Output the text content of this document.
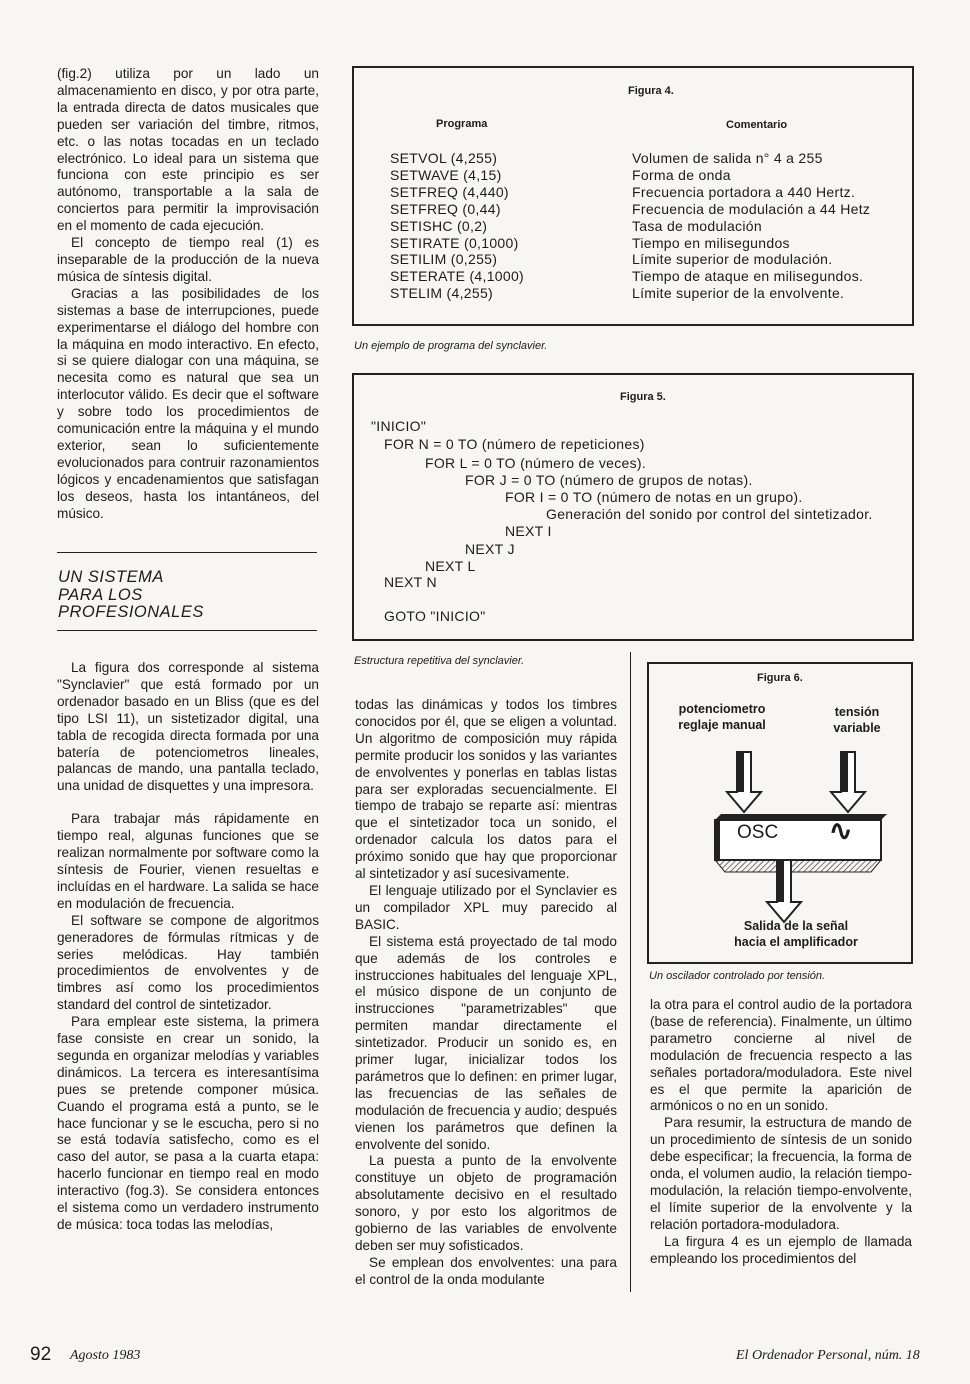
(fig.2) utiliza por un lado un almacenamiento en disco, y por otra parte, la entrada directa de datos musicales que pueden ser variación del timbre, ritmos, etc. o las notas tocadas en un teclado electrónico. Lo ideal para un sistema que funciona con este principio es ser autónomo, transportable a la sala de conciertos para permitir la improvisación en el momento de cada ejecución.

El concepto de tiempo real (1) es inseparable de la producción de la nueva música de síntesis digital.

Gracias a las posibilidades de los sistemas a base de interrupciones, puede experimentarse el diálogo del hombre con la máquina en modo interactivo. En efecto, si se quiere dialogar con una máquina, se necesita como es natural que sea un interlocutor válido. Es decir que el software y sobre todo los procedimientos de comunicación entre la máquina y el mundo exterior, sean lo suficientemente evolucionados para contruir razonamientos lógicos y encadenamientos que satisfagan los deseos, hasta los intantáneos, del músico.

UN SISTEMA
PARA LOS
PROFESIONALES

La figura dos corresponde al sistema "Synclavier" que está formado por un ordenador basado en un Bliss (que es del tipo LSI 11), un sistetizador digital, una tabla de recogida directa formada por una batería de potenciometros lineales, palancas de mando, una pantalla teclado, una unidad de disquettes y una impresora.

Para trabajar más rápidamente en tiempo real, algunas funciones que se realizan normalmente por software como la síntesis de Fourier, vienen resueltas e incluídas en el hardware. La salida se hace en modulación de frecuencia.

El software se compone de algoritmos generadores de fórmulas rítmicas y de series melódicas. Hay también procedimientos de envolventes y de timbres así como los procedimientos standard del control de sintetizador.

Para emplear este sistema, la primera fase consiste en crear un sonido, la segunda en organizar melodías y variables dinámicos. La tercera es interesantísima pues se pretende componer música. Cuando el programa está a punto, se le hace funcionar y se le escucha, pero si no se está todavía satisfecho, como es el caso del autor, se pasa a la cuarta etapa: hacerlo funcionar en tiempo real en modo interactivo (fog.3). Se considera entonces el sistema como un verdadero instrumento de música: toca todas las melodías,

Figura 4.
Programa	Comentario
SETVOL (4,255)
SETWAVE (4,15)
SETFREQ (4,440)
SETFREQ (0,44)
SETISHC (0,2)
SETIRATE (0,1000)
SETILIM (0,255)
SETERATE (4,1000)
STELIM (4,255)
Volumen de salida n° 4 a 255
Forma de onda
Frecuencia portadora a 440 Hertz.
Frecuencia de modulación a 44 Hetz
Tasa de modulación
Tiempo en milisegundos
Límite superior de modulación.
Tiempo de ataque en milisegundos.
Límite superior de la envolvente.
Un ejemplo de programa del synclavier.
Figura 5.
"INICIO"
FOR N = 0 TO (número de repeticiones)
FOR L = 0 TO (número de veces).
FOR J = 0 TO (número de grupos de notas).
FOR I = 0 TO (número de notas en un grupo).
Generación del sonido por control del sintetizador.
NEXT I
NEXT J
NEXT L
NEXT N
GOTO "INICIO"
Estructura repetitiva del synclavier.

todas las dinámicas y todos los timbres conocidos por él, que se eligen a voluntad. Un algoritmo de composición muy rápida permite producir los sonidos y las variantes de envolventes y ponerlas en tablas listas para ser exploradas secuencialmente. El tiempo de trabajo se reparte así: mientras que el sintetizador toca un sonido, el ordenador calcula los datos para el próximo sonido que hay que proporcionar al sintetizador y así sucesivamente.

El lenguaje utilizado por el Synclavier es un compilador XPL muy parecido al BASIC.

El sistema está proyectado de tal modo que además de los controles e instrucciones habituales del lenguaje XPL, el músico dispone de un conjunto de instrucciones "parametrizables" que permiten mandar directamente el sintetizador. Producir un sonido es, en primer lugar, inicializar todos los parámetros que lo definen: en primer lugar, las frecuencias de las señales de modulación de frecuencia y audio; después vienen los parámetros que definen la envolvente del sonido.

La puesta a punto de la envolvente constituye un objeto de programación absolutamente decisivo en el resultado sonoro, y por esto los algoritmos de gobierno de las variables de envolvente deben ser muy sofisticados.

Se emplean dos envolventes: una para el control de la onda modulante

Figura 6.
potenciometro reglaje manual
tensión variable
OSC ∿
Salida de la señal hacia el amplificador
Un oscilador controlado por tensión.

la otra para el control audio de la portadora (base de referencia). Finalmente, un último parametro concierne al nivel de modulación de frecuencia respecto a las señales portadora/moduladora. Este nivel es el que permite la aparición de armónicos o no en un sonido.

Para resumir, la estructura de mando de un procedimiento de síntesis de un sonido debe especificar; la frecuencia, la forma de onda, el volumen audio, la relación tiempo-modulación, la relación tiempo-envolvente, el límite superior de la envolvente y la relación portadora-moduladora.

La firgura 4 es un ejemplo de llamada empleando los procedimientos del

92 Agosto 1983	El Ordenador Personal, núm. 18
